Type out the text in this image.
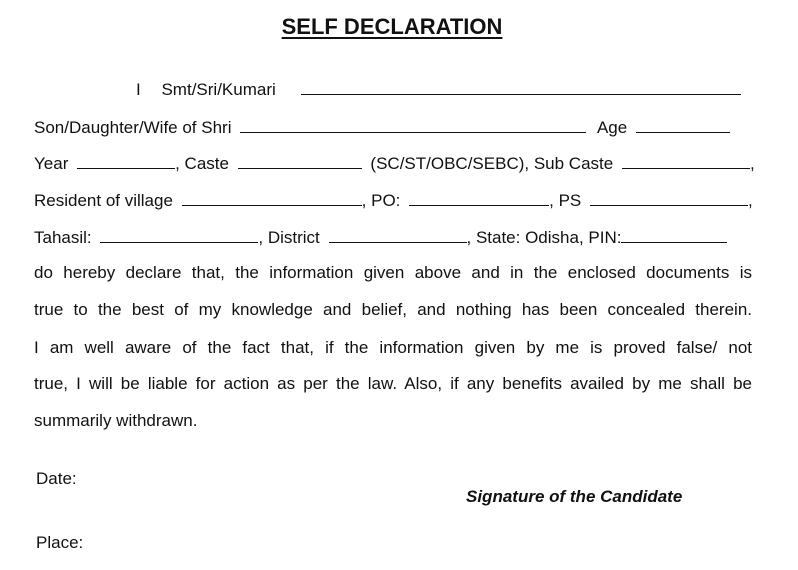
SELF DECLARATION
I Smt/Sri/Kumari
Son/Daughter/Wife of Shri	Age
Year	, Caste	(SC/ST/OBC/SEBC), Sub Caste	,
Resident of village	, PO:	, PS	,
Tahasil:	, District	, State: Odisha, PIN:
do hereby declare that, the information given above and in the enclosed documents is
true to the best of my knowledge and belief, and nothing has been concealed therein.
I am well aware of the fact that, if the information given by me is proved false/ not
true, I will be liable for action as per the law. Also, if any benefits availed by me shall be
summarily withdrawn.
Date:
Signature of the Candidate
Place:
